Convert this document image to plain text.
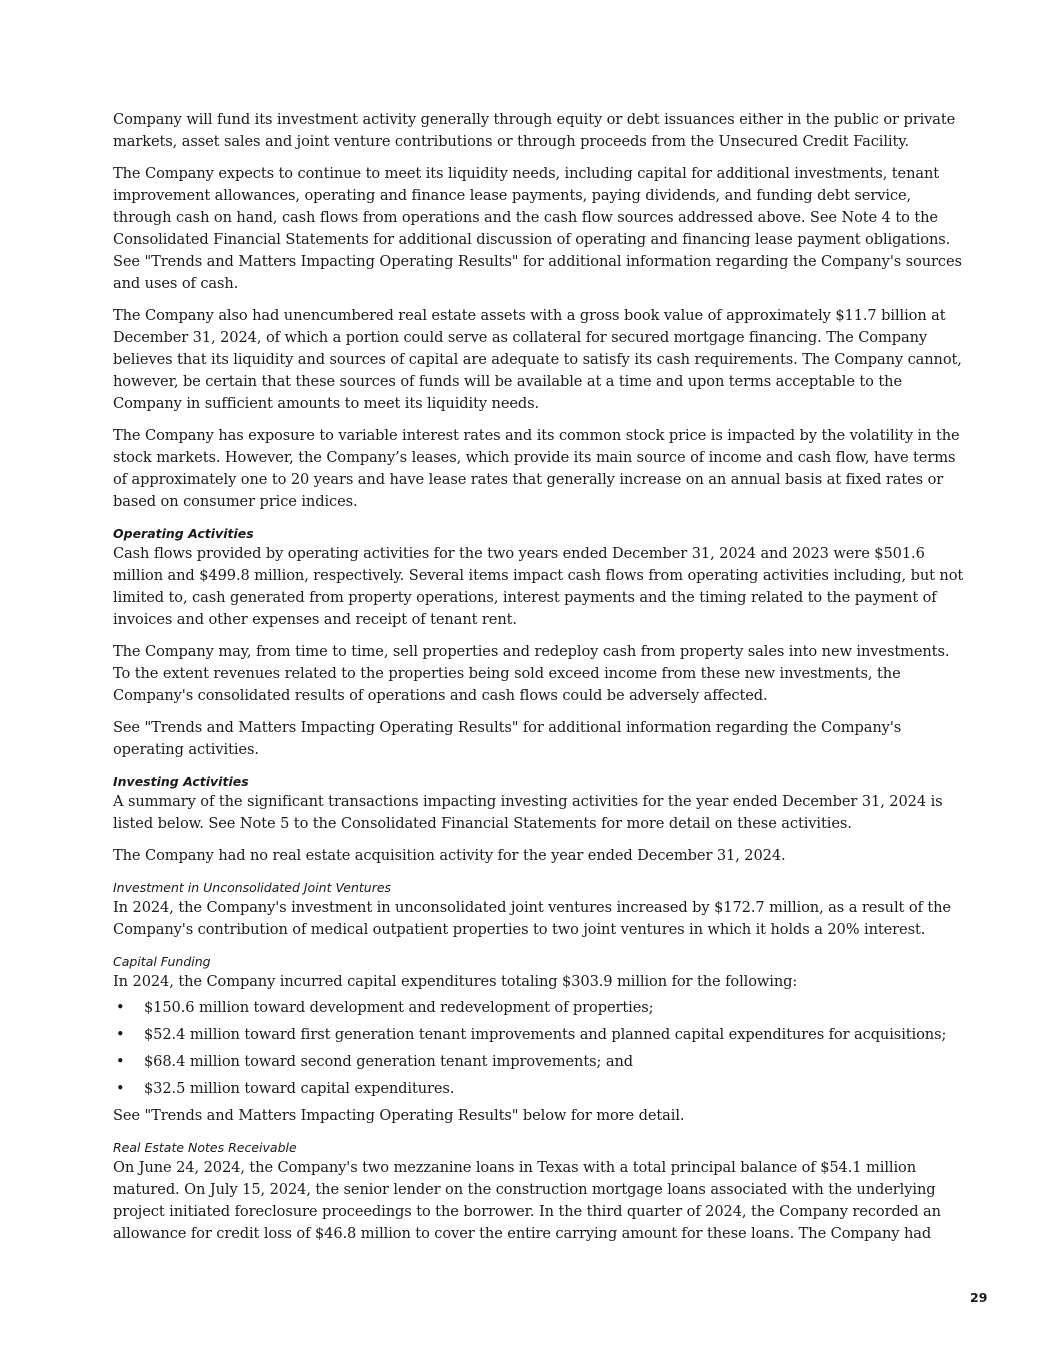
Company will fund its investment activity generally through equity or debt issuances either in the public or private markets, asset sales and joint venture contributions or through proceeds from the Unsecured Credit Facility.

The Company expects to continue to meet its liquidity needs, including capital for additional investments, tenant improvement allowances, operating and finance lease payments, paying dividends, and funding debt service, through cash on hand, cash flows from operations and the cash flow sources addressed above. See Note 4 to the Consolidated Financial Statements for additional discussion of operating and financing lease payment obligations. See "Trends and Matters Impacting Operating Results" for additional information regarding the Company's sources and uses of cash.

The Company also had unencumbered real estate assets with a gross book value of approximately $11.7 billion at December 31, 2024, of which a portion could serve as collateral for secured mortgage financing. The Company believes that its liquidity and sources of capital are adequate to satisfy its cash requirements. The Company cannot, however, be certain that these sources of funds will be available at a time and upon terms acceptable to the Company in sufficient amounts to meet its liquidity needs.

The Company has exposure to variable interest rates and its common stock price is impacted by the volatility in the stock markets. However, the Company’s leases, which provide its main source of income and cash flow, have terms of approximately one to 20 years and have lease rates that generally increase on an annual basis at fixed rates or based on consumer price indices.

Operating Activities

Cash flows provided by operating activities for the two years ended December 31, 2024 and 2023 were $501.6 million and $499.8 million, respectively. Several items impact cash flows from operating activities including, but not limited to, cash generated from property operations, interest payments and the timing related to the payment of invoices and other expenses and receipt of tenant rent.

The Company may, from time to time, sell properties and redeploy cash from property sales into new investments. To the extent revenues related to the properties being sold exceed income from these new investments, the Company's consolidated results of operations and cash flows could be adversely affected.

See "Trends and Matters Impacting Operating Results" for additional information regarding the Company's operating activities.

Investing Activities

A summary of the significant transactions impacting investing activities for the year ended December 31, 2024 is listed below. See Note 5 to the Consolidated Financial Statements for more detail on these activities.

The Company had no real estate acquisition activity for the year ended December 31, 2024.

Investment in Unconsolidated Joint Ventures

In 2024, the Company's investment in unconsolidated joint ventures increased by $172.7 million, as a result of the Company's contribution of medical outpatient properties to two joint ventures in which it holds a 20% interest.

Capital Funding

In 2024, the Company incurred capital expenditures totaling $303.9 million for the following:

• $150.6 million toward development and redevelopment of properties;
• $52.4 million toward first generation tenant improvements and planned capital expenditures for acquisitions;
• $68.4 million toward second generation tenant improvements; and
• $32.5 million toward capital expenditures.

See "Trends and Matters Impacting Operating Results" below for more detail.

Real Estate Notes Receivable

On June 24, 2024, the Company's two mezzanine loans in Texas with a total principal balance of $54.1 million matured. On July 15, 2024, the senior lender on the construction mortgage loans associated with the underlying project initiated foreclosure proceedings to the borrower. In the third quarter of 2024, the Company recorded an allowance for credit loss of $46.8 million to cover the entire carrying amount for these loans. The Company had

29
